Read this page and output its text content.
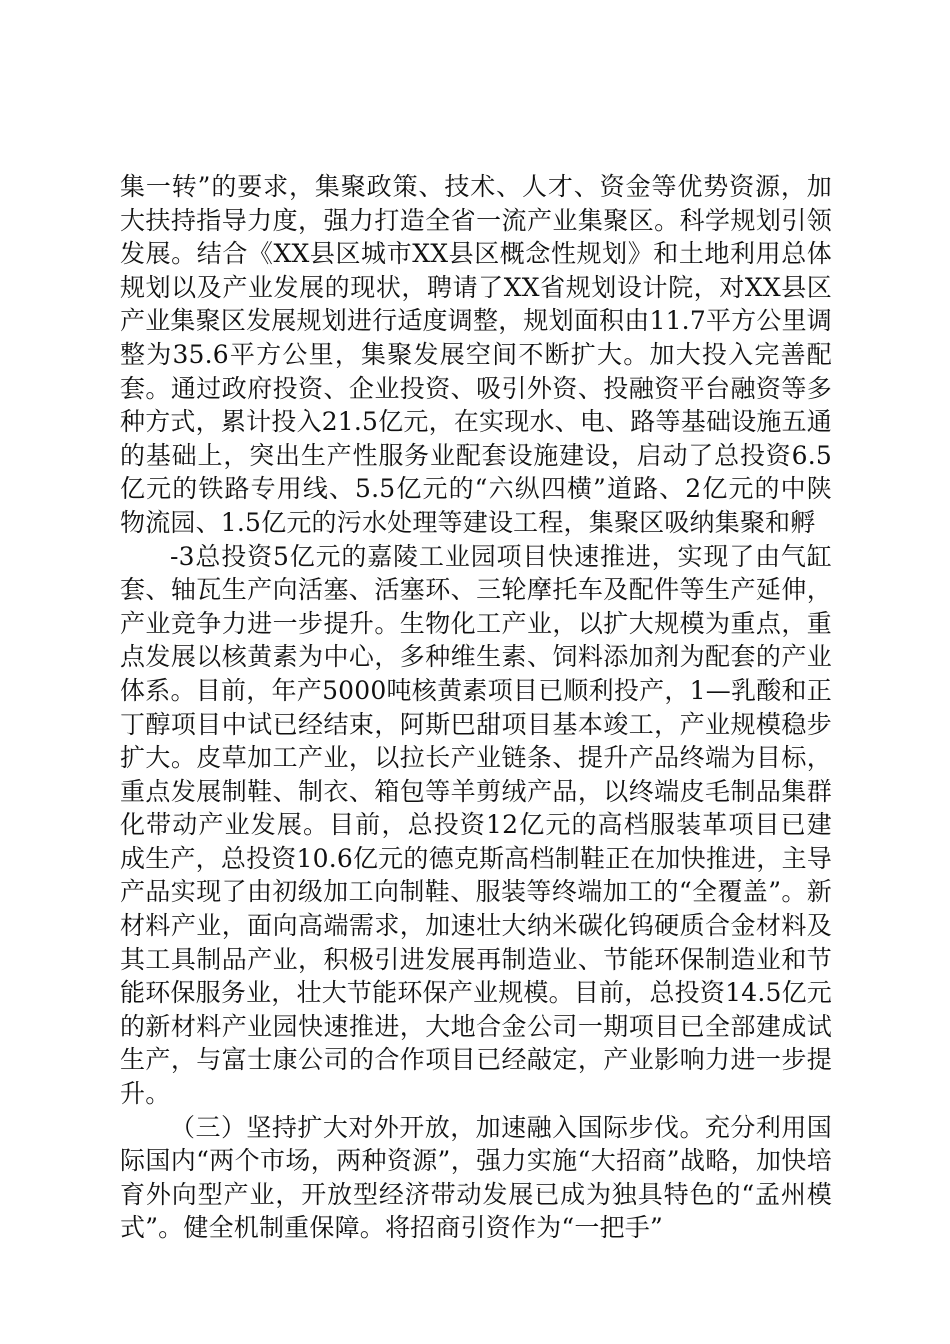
集一转”的要求，集聚政策、技术、人才、资金等优势资源，加大扶持指导力度，强力打造全省一流产业集聚区。科学规划引领发展。结合《XX县区城市XX县区概念性规划》和土地利用总体规划以及产业发展的现状，聘请了XX省规划设计院，对XX县区产业集聚区发展规划进行适度调整，规划面积由11.7平方公里调整为35.6平方公里，集聚发展空间不断扩大。加大投入完善配套。通过政府投资、企业投资、吸引外资、投融资平台融资等多种方式，累计投入21.5亿元，在实现水、电、路等基础设施五通的基础上，突出生产性服务业配套设施建设，启动了总投资6.5亿元的铁路专用线、5.5亿元的“六纵四横”道路、2亿元的中陕物流园、1.5亿元的污水处理等建设工程，集聚区吸纳集聚和孵

-3总投资5亿元的嘉陵工业园项目快速推进，实现了由气缸套、轴瓦生产向活塞、活塞环、三轮摩托车及配件等生产延伸，产业竞争力进一步提升。生物化工产业，以扩大规模为重点，重点发展以核黄素为中心，多种维生素、饲料添加剂为配套的产业体系。目前，年产5000吨核黄素项目已顺利投产，1—乳酸和正丁醇项目中试已经结束，阿斯巴甜项目基本竣工，产业规模稳步扩大。皮草加工产业，以拉长产业链条、提升产品终端为目标，重点发展制鞋、制衣、箱包等羊剪绒产品，以终端皮毛制品集群化带动产业发展。目前，总投资12亿元的高档服装革项目已建成生产，总投资10.6亿元的德克斯高档制鞋正在加快推进，主导产品实现了由初级加工向制鞋、服装等终端加工的“全覆盖”。新材料产业，面向高端需求，加速壮大纳米碳化钨硬质合金材料及其工具制品产业，积极引进发展再制造业、节能环保制造业和节能环保服务业，壮大节能环保产业规模。目前，总投资14.5亿元的新材料产业园快速推进，大地合金公司一期项目已全部建成试生产，与富士康公司的合作项目已经敲定，产业影响力进一步提升。

（三）坚持扩大对外开放，加速融入国际步伐。充分利用国际国内“两个市场，两种资源”，强力实施“大招商”战略，加快培育外向型产业，开放型经济带动发展已成为独具特色的“孟州模式”。健全机制重保障。将招商引资作为“一把手”
